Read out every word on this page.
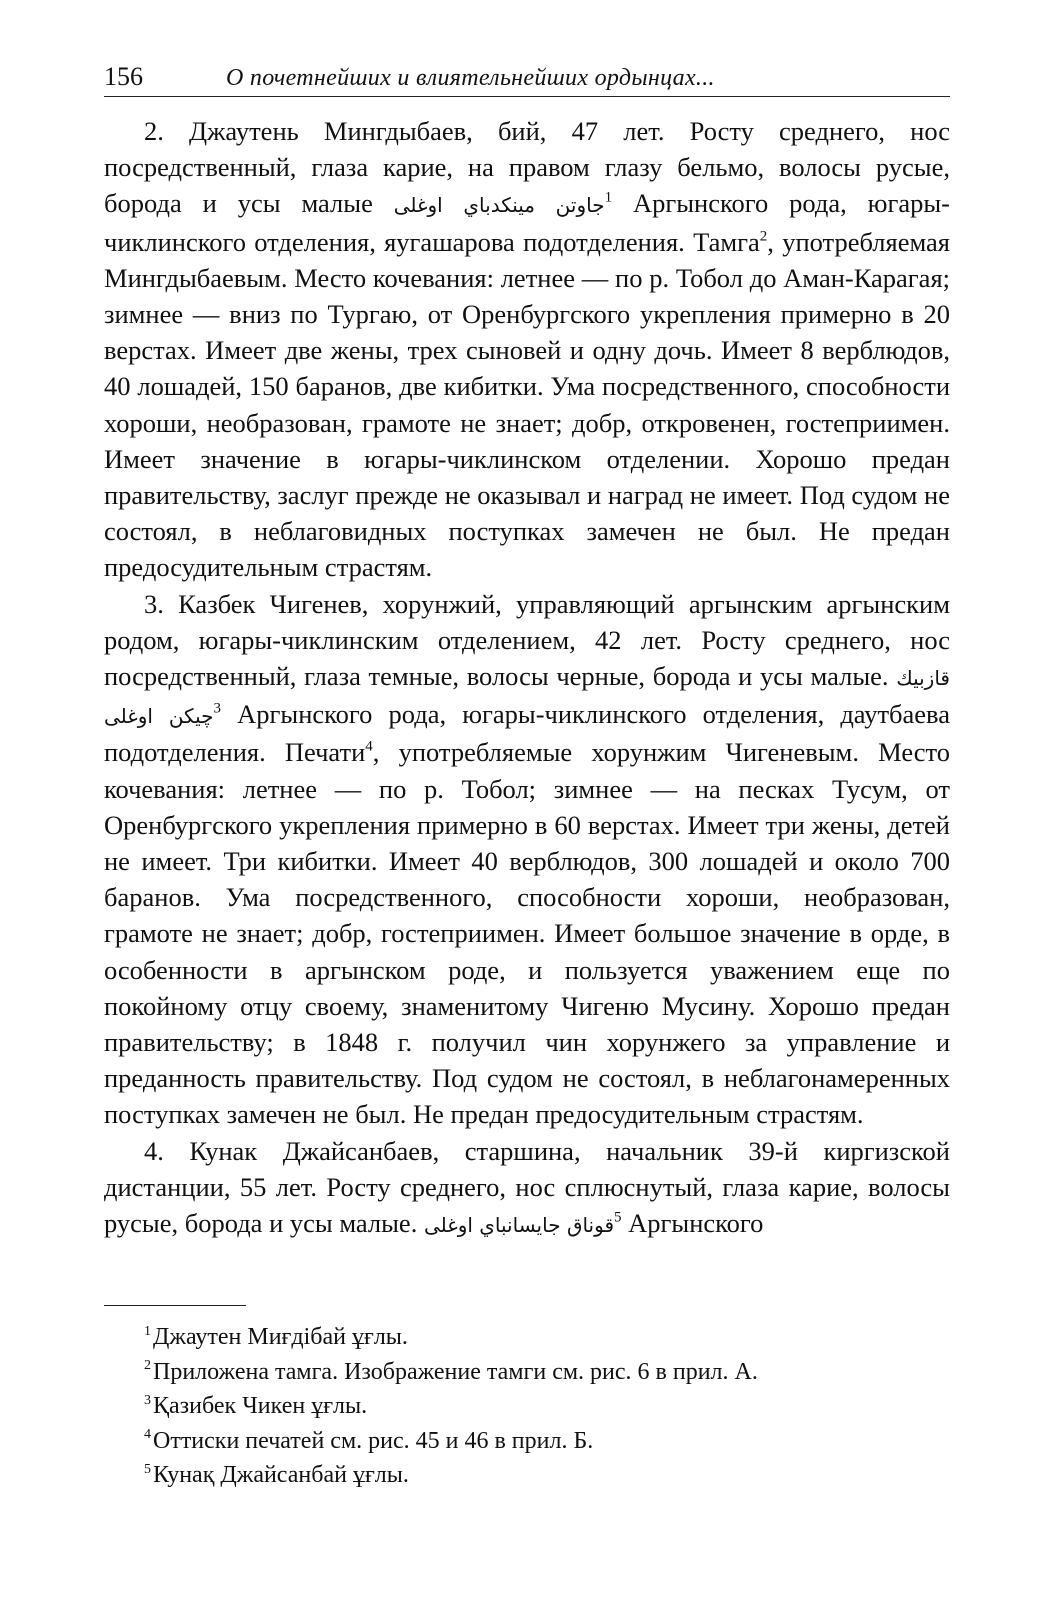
156	О почетнейших и влиятельнейших ордынцах...

2. Джаутень Мингдыбаев, бий, 47 лет. Росту среднего, нос посредственный, глаза карие, на правом глазу бельмо, волосы русые, борода и усы малые جاوتن مينكدباي اوغلى$^1$ Аргынского рода, югары-чиклинского отделения, яугашарова подотделения. Тамга$^2$, употребляемая Мингдыбаевым. Место кочевания: летнее — по р. Тобол до Аман-Карагая; зимнее — вниз по Тургаю, от Оренбургского укрепления примерно в 20 верстах. Имеет две жены, трех сыновей и одну дочь. Имеет 8 верблюдов, 40 лошадей, 150 баранов, две кибитки. Ума посредственного, способности хороши, необразован, грамоте не знает; добр, откровенен, гостеприимен. Имеет значение в югары-чиклинском отделении. Хорошо предан правительству, заслуг прежде не оказывал и наград не имеет. Под судом не состоял, в неблаговидных поступках замечен не был. Не предан предосудительным страстям.

3. Казбек Чигенев, хорунжий, управляющий аргынским аргынским родом, югары-чиклинским отделением, 42 лет. Росту среднего, нос посредственный, глаза темные, волосы черные, борода и усы малые. قازبيك چيكن اوغلى$^3$ Аргынского рода, югары-чиклинского отделения, даутбаева подотделения. Печати$^4$, употребляемые хорунжим Чигеневым. Место кочевания: летнее — по р. Тобол; зимнее — на песках Тусум, от Оренбургского укрепления примерно в 60 верстах. Имеет три жены, детей не имеет. Три кибитки. Имеет 40 верблюдов, 300 лошадей и около 700 баранов. Ума посредственного, способности хороши, необразован, грамоте не знает; добр, гостеприимен. Имеет большое значение в орде, в особенности в аргынском роде, и пользуется уважением еще по покойному отцу своему, знаменитому Чигеню Мусину. Хорошо предан правительству; в 1848 г. получил чин хорунжего за управление и преданность правительству. Под судом не состоял, в неблагонамеренных поступках замечен не был. Не предан предосудительным страстям.

4. Кунак Джайсанбаев, старшина, начальник 39-й киргизской дистанции, 55 лет. Росту среднего, нос сплюснутый, глаза карие, волосы русые, борода и усы малые. قوناق جايسانباي اوغلى$^5$ Аргынского

$^1$Джаутен Миғдібай ұғлы.

$^2$Приложена тамга. Изображение тамги см. рис. 6 в прил. А.

$^3$Қазибек Чикен ұғлы.

$^4$Оттиски печатей см. рис. 45 и 46 в прил. Б.

$^5$Кунақ Джайсанбай ұғлы.
